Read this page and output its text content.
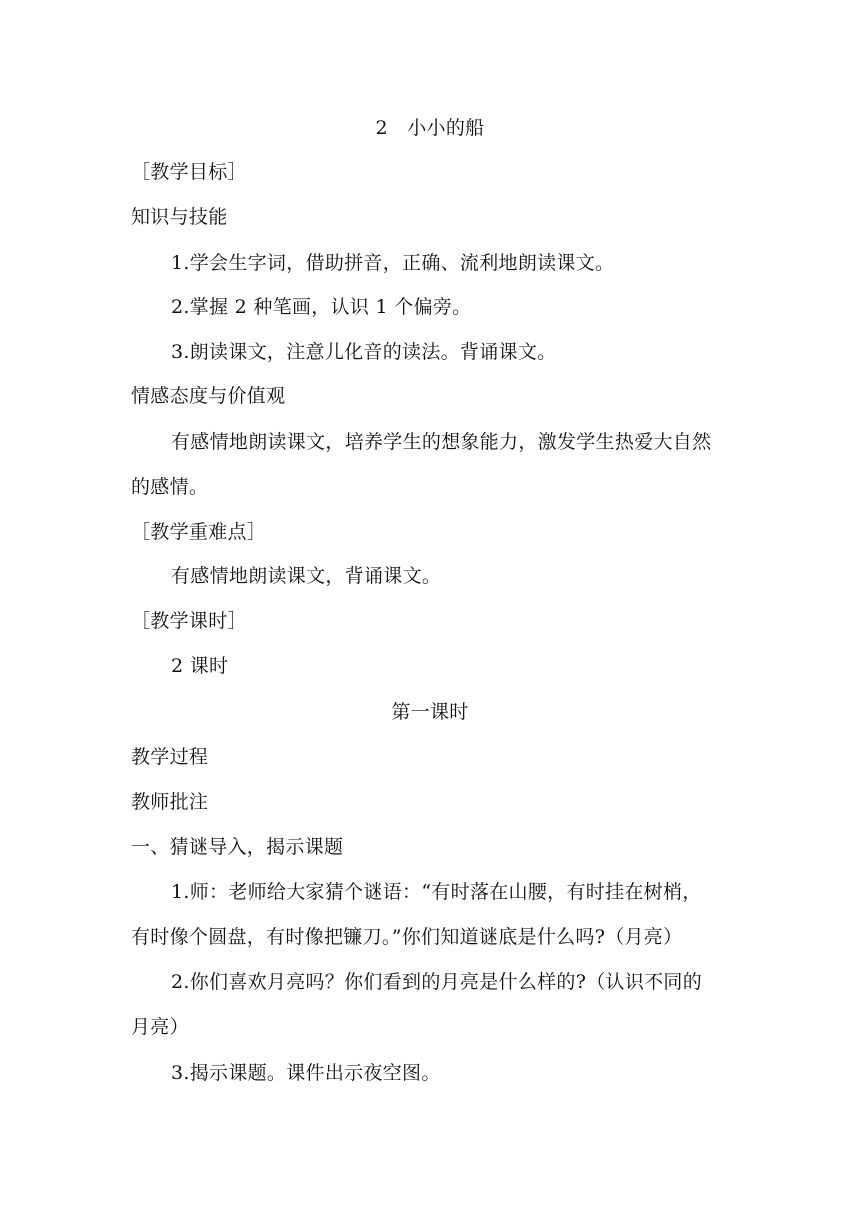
2　小小的船
［教学目标］
知识与技能
1.学会生字词，借助拼音，正确、流利地朗读课文。
2.掌握 2 种笔画，认识 1 个偏旁。
3.朗读课文，注意儿化音的读法。背诵课文。
情感态度与价值观
有感情地朗读课文，培养学生的想象能力，激发学生热爱大自然
的感情。
［教学重难点］
有感情地朗读课文，背诵课文。
［教学课时］
2 课时
第一课时
教学过程
教师批注
一、猜谜导入，揭示课题
1.师：老师给大家猜个谜语：“有时落在山腰，有时挂在树梢，
有时像个圆盘，有时像把镰刀。”你们知道谜底是什么吗?（月亮）
2.你们喜欢月亮吗？你们看到的月亮是什么样的?（认识不同的
月亮）
3.揭示课题。课件出示夜空图。
